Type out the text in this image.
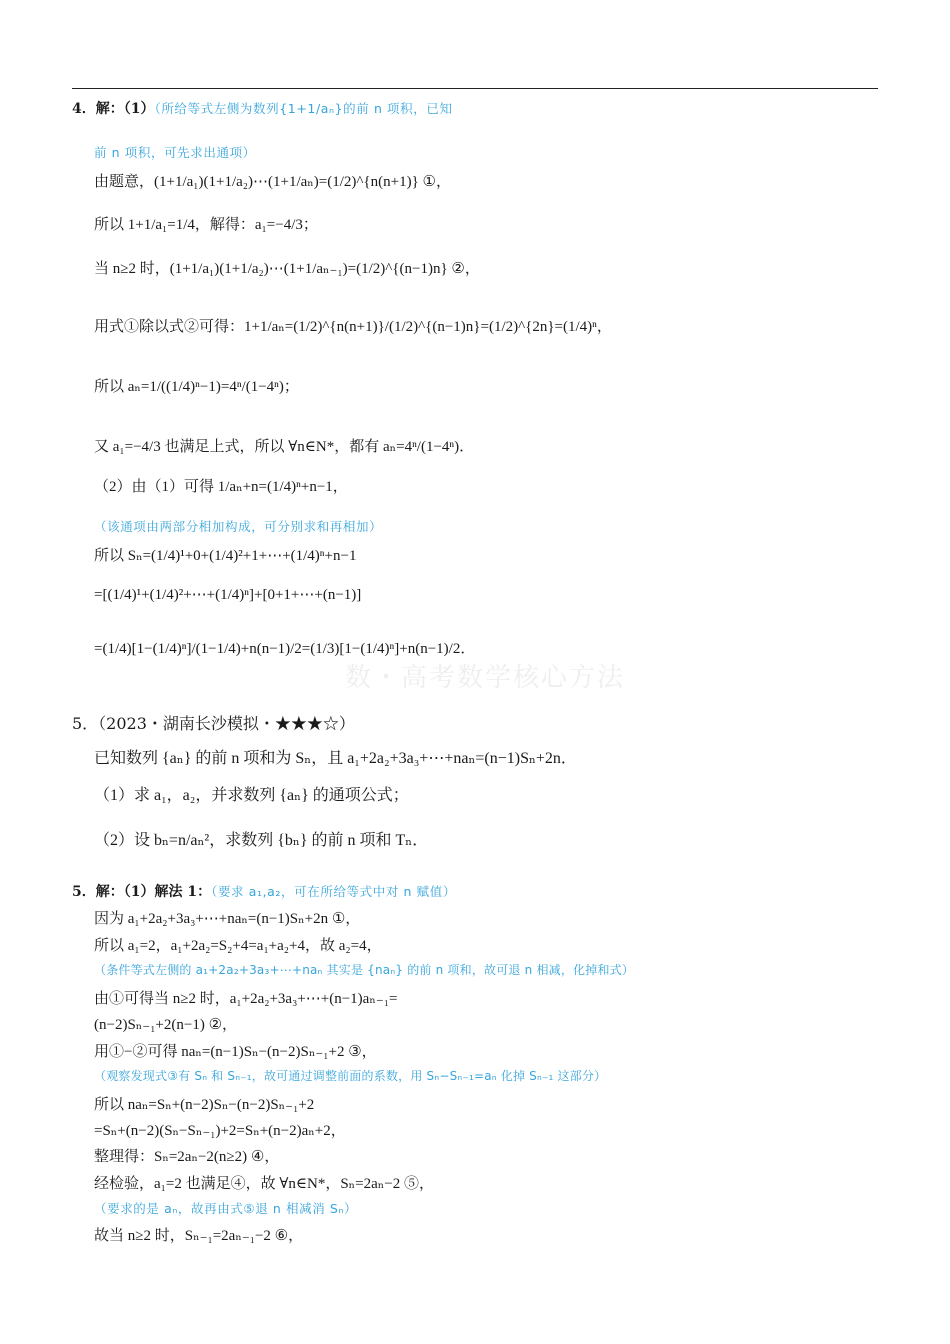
数・高考数学核心方法
4．解：（1）（所给等式左侧为数列{1+1/aₙ}的前 n 项积，已知
前 n 项积，可先求出通项）
由题意，(1+1/a₁)(1+1/a₂)⋯(1+1/aₙ)=(1/2)^{n(n+1)} ①，
所以 1+1/a₁=1/4，解得：a₁=−4/3；
当 n≥2 时，(1+1/a₁)(1+1/a₂)⋯(1+1/aₙ₋₁)=(1/2)^{(n−1)n} ②，
用式①除以式②可得：1+1/aₙ=(1/2)^{n(n+1)}/(1/2)^{(n−1)n}=(1/2)^{2n}=(1/4)ⁿ，
所以 aₙ=1/((1/4)ⁿ−1)=4ⁿ/(1−4ⁿ)；
又 a₁=−4/3 也满足上式，所以 ∀n∈N*，都有 aₙ=4ⁿ/(1−4ⁿ)．
（2）由（1）可得 1/aₙ+n=(1/4)ⁿ+n−1，
（该通项由两部分相加构成，可分别求和再相加）
所以 Sₙ=(1/4)¹+0+(1/4)²+1+⋯+(1/4)ⁿ+n−1
=[(1/4)¹+(1/4)²+⋯+(1/4)ⁿ]+[0+1+⋯+(n−1)]
=(1/4)[1−(1/4)ⁿ]/(1−1/4)+n(n−1)/2=(1/3)[1−(1/4)ⁿ]+n(n−1)/2．
5．（2023・湖南长沙模拟・★★★☆）
已知数列 {aₙ} 的前 n 项和为 Sₙ，且 a₁+2a₂+3a₃+⋯+naₙ=(n−1)Sₙ+2n．
（1）求 a₁，a₂，并求数列 {aₙ} 的通项公式；
（2）设 bₙ=n/aₙ²，求数列 {bₙ} 的前 n 项和 Tₙ．
5．解：（1）解法 1：（要求 a₁,a₂，可在所给等式中对 n 赋值）
因为 a₁+2a₂+3a₃+⋯+naₙ=(n−1)Sₙ+2n ①，
所以 a₁=2，a₁+2a₂=S₂+4=a₁+a₂+4，故 a₂=4，
（条件等式左侧的 a₁+2a₂+3a₃+⋯+naₙ 其实是 {naₙ} 的前 n 项和，故可退 n 相减，化掉和式）
由①可得当 n≥2 时，a₁+2a₂+3a₃+⋯+(n−1)aₙ₋₁=
(n−2)Sₙ₋₁+2(n−1) ②，
用①−②可得 naₙ=(n−1)Sₙ−(n−2)Sₙ₋₁+2 ③，
（观察发现式③有 Sₙ 和 Sₙ₋₁，故可通过调整前面的系数，用 Sₙ−Sₙ₋₁=aₙ 化掉 Sₙ₋₁ 这部分）
所以 naₙ=Sₙ+(n−2)Sₙ−(n−2)Sₙ₋₁+2
=Sₙ+(n−2)(Sₙ−Sₙ₋₁)+2=Sₙ+(n−2)aₙ+2，
整理得：Sₙ=2aₙ−2(n≥2) ④，
经检验，a₁=2 也满足④，故 ∀n∈N*，Sₙ=2aₙ−2 ⑤，
（要求的是 aₙ，故再由式⑤退 n 相减消 Sₙ）
故当 n≥2 时，Sₙ₋₁=2aₙ₋₁−2 ⑥，
